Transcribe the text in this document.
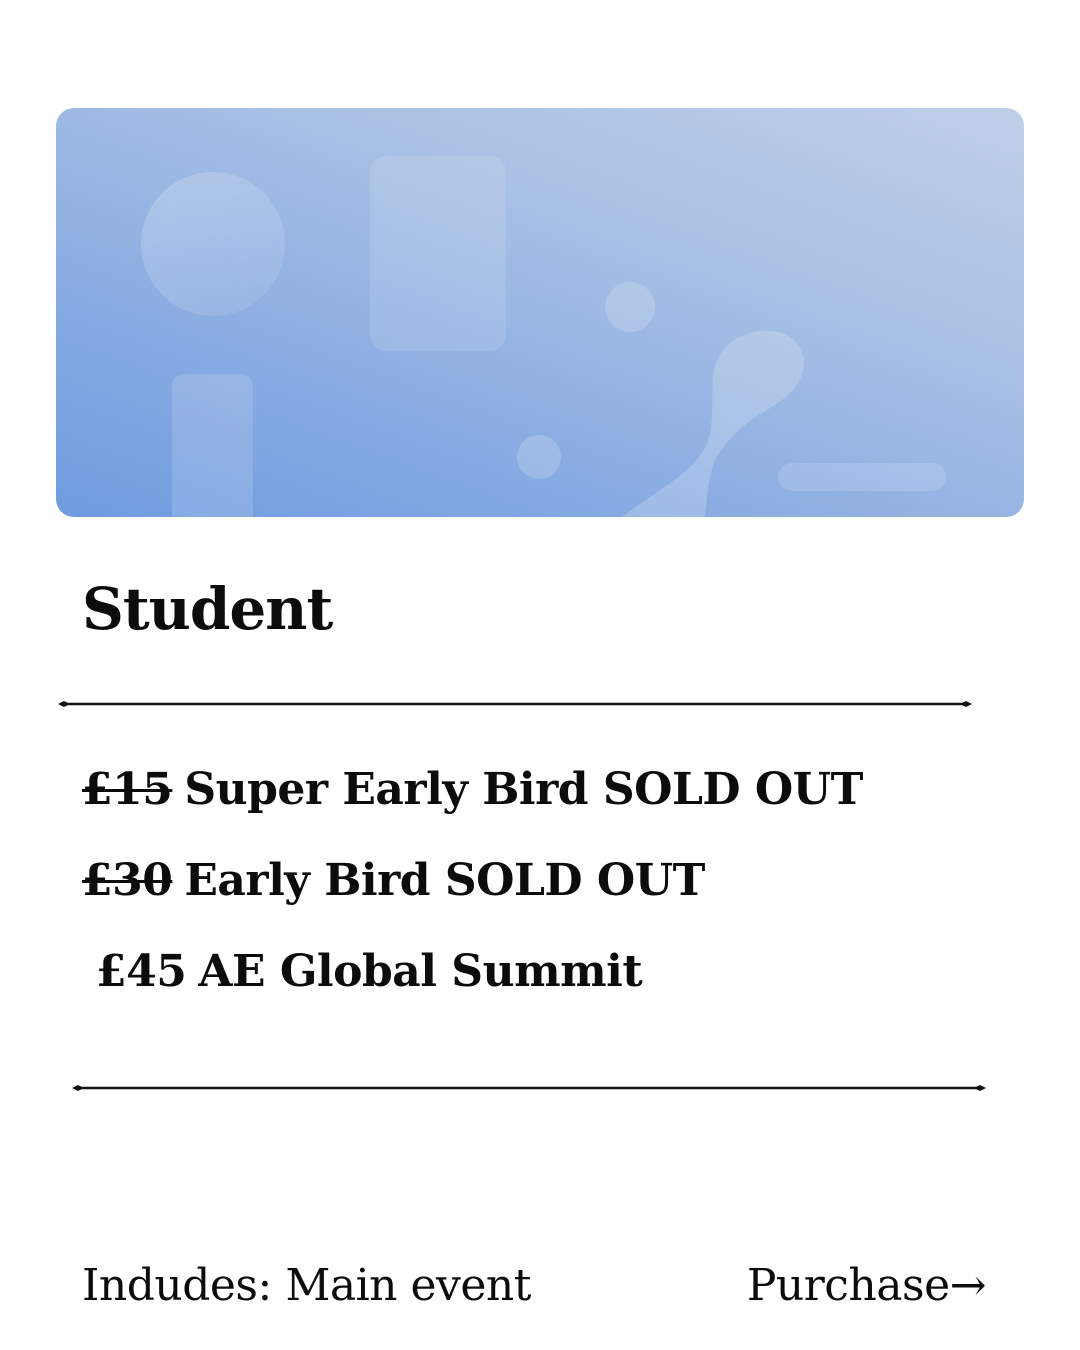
Student
£15 Super Early Bird SOLD OUT
£30 Early Bird SOLD OUT
£45 AE Global Summit
Indudes: Main event	Purchase→
